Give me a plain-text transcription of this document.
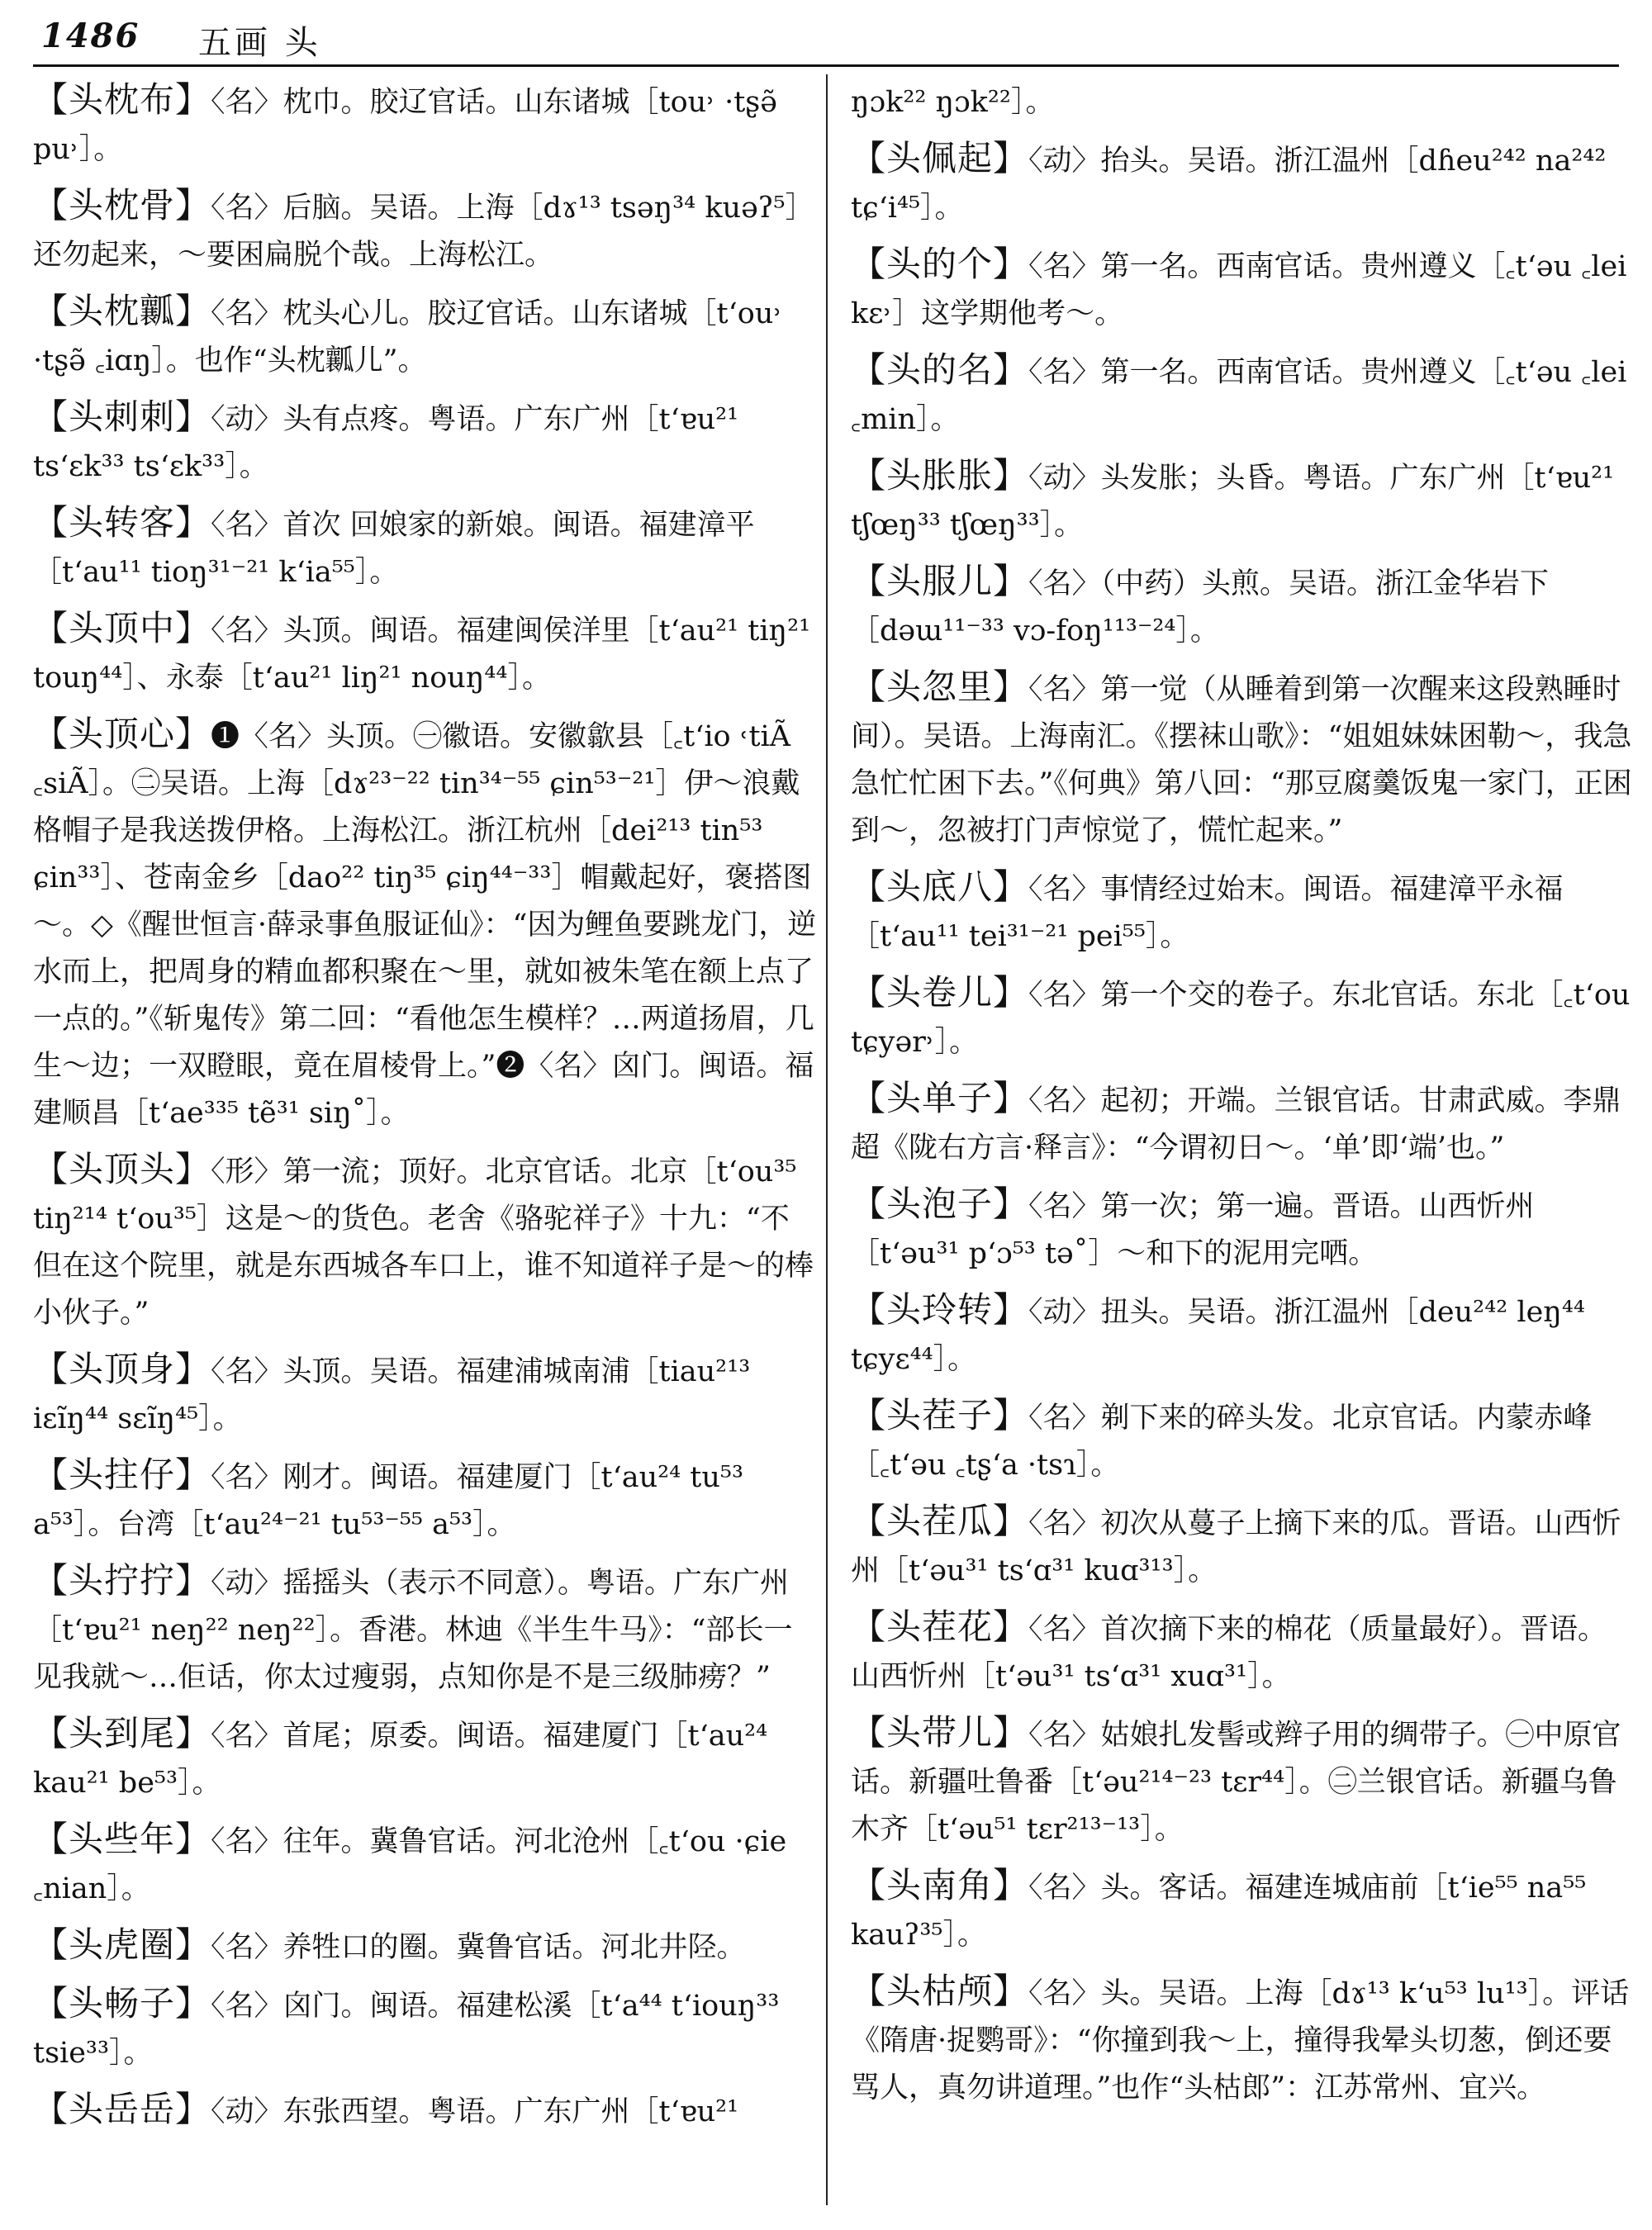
1486 五画 头
【头枕布】〈名〉枕巾。胶辽官话。山东诸城［tou˒ ·tʂə̃ pu˒］。
【头枕骨】〈名〉后脑。吴语。上海［dɤ¹³ tsəŋ³⁴ kuəʔ⁵］还勿起来，～要困扁脱个哉。上海松江。
【头枕瓤】〈名〉枕头心儿。胶辽官话。山东诸城［tʻou˒ ·tʂə̃ ꜀iɑŋ］。也作“头枕瓤儿”。
【头刺刺】〈动〉头有点疼。粤语。广东广州［tʻɐu²¹ tsʻɛk³³ tsʻɛk³³］。
【头转客】〈名〉首次 回娘家的新娘。闽语。福建漳平［tʻau¹¹ tioŋ³¹⁻²¹ kʻia⁵⁵］。
【头顶中】〈名〉头顶。闽语。福建闽侯洋里［tʻau²¹ tiŋ²¹ touŋ⁴⁴］、永泰［tʻau²¹ liŋ²¹ nouŋ⁴⁴］。
【头顶心】❶〈名〉头顶。㊀徽语。安徽歙县［꜀tʻio ˓tiÃ ꜀siÃ］。㊁吴语。上海［dɤ²³⁻²² tin³⁴⁻⁵⁵ ɕin⁵³⁻²¹］伊～浪戴格帽子是我送拨伊格。上海松江。浙江杭州［dei²¹³ tin⁵³ ɕin³³］、苍南金乡［dao²² tiŋ³⁵ ɕiŋ⁴⁴⁻³³］帽戴起好，褒搭图～。◇《醒世恒言·薛录事鱼服证仙》：“因为鲤鱼要跳龙门，逆水而上，把周身的精血都积聚在～里，就如被朱笔在额上点了一点的。”《斩鬼传》第二回：“看他怎生模样？…两道扬眉，几生～边；一双瞪眼，竟在眉棱骨上。”❷〈名〉囟门。闽语。福建顺昌［tʻae³³⁵ tẽ³¹ siŋ˚］。
【头顶头】〈形〉第一流；顶好。北京官话。北京［tʻou³⁵ tiŋ²¹⁴ tʻou³⁵］这是～的货色。老舍《骆驼祥子》十九：“不但在这个院里，就是东西城各车口上，谁不知道祥子是～的棒小伙子。”
【头顶身】〈名〉头顶。吴语。福建浦城南浦［tiau²¹³ iɛĩŋ⁴⁴ sɛĩŋ⁴⁵］。
【头拄仔】〈名〉刚才。闽语。福建厦门［tʻau²⁴ tu⁵³ a⁵³］。台湾［tʻau²⁴⁻²¹ tu⁵³⁻⁵⁵ a⁵³］。
【头拧拧】〈动〉摇摇头（表示不同意）。粤语。广东广州［tʻɐu²¹ neŋ²² neŋ²²］。香港。林迪《半生牛马》：“部长一见我就～…佢话，你太过瘦弱，点知你是不是三级肺痨？”
【头到尾】〈名〉首尾；原委。闽语。福建厦门［tʻau²⁴ kau²¹ be⁵³］。
【头些年】〈名〉往年。冀鲁官话。河北沧州［꜀tʻou ·ɕie ꜀nian］。
【头虎圈】〈名〉养牲口的圈。冀鲁官话。河北井陉。
【头畅子】〈名〉囟门。闽语。福建松溪［tʻa⁴⁴ tʻiouŋ³³ tsie³³］。
【头岳岳】〈动〉东张西望。粤语。广东广州［tʻɐu²¹
ŋɔk²² ŋɔk²²］。
【头佩起】〈动〉抬头。吴语。浙江温州［dɦeu²⁴² na²⁴² tɕʻi⁴⁵］。
【头的个】〈名〉第一名。西南官话。贵州遵义［꜀tʻəu ꜀lei kɛ˒］这学期他考～。
【头的名】〈名〉第一名。西南官话。贵州遵义［꜀tʻəu ꜀lei ꜀min］。
【头胀胀】〈动〉头发胀；头昏。粤语。广东广州［tʻɐu²¹ tʃœŋ³³ tʃœŋ³³］。
【头服儿】〈名〉（中药）头煎。吴语。浙江金华岩下［dəɯ¹¹⁻³³ vɔ-foŋ¹¹³⁻²⁴］。
【头忽里】〈名〉第一觉（从睡着到第一次醒来这段熟睡时间）。吴语。上海南汇。《摆袜山歌》：“姐姐妹妹困勒～，我急急忙忙困下去。”《何典》第八回：“那豆腐羹饭鬼一家门，正困到～，忽被打门声惊觉了，慌忙起来。”
【头底八】〈名〉事情经过始末。闽语。福建漳平永福［tʻau¹¹ tei³¹⁻²¹ pei⁵⁵］。
【头卷儿】〈名〉第一个交的卷子。东北官话。东北［꜀tʻou tɕyər˒］。
【头单子】〈名〉起初；开端。兰银官话。甘肃武威。李鼎超《陇右方言·释言》：“今谓初日～。‘单’即‘端’也。”
【头泡子】〈名〉第一次；第一遍。晋语。山西忻州［tʻəu³¹ pʻɔ⁵³ tə˚］～和下的泥用完哂。
【头玲转】〈动〉扭头。吴语。浙江温州［deu²⁴² leŋ⁴⁴ tɕyɛ⁴⁴］。
【头茬子】〈名〉剃下来的碎头发。北京官话。内蒙赤峰［꜀tʻəu ꜀tʂʻa ·tsɿ］。
【头茬瓜】〈名〉初次从蔓子上摘下来的瓜。晋语。山西忻州［tʻəu³¹ tsʻɑ³¹ kuɑ³¹³］。
【头茬花】〈名〉首次摘下来的棉花（质量最好）。晋语。山西忻州［tʻəu³¹ tsʻɑ³¹ xuɑ³¹］。
【头带儿】〈名〉姑娘扎发髻或辫子用的绸带子。㊀中原官话。新疆吐鲁番［tʻəu²¹⁴⁻²³ tɛr⁴⁴］。㊁兰银官话。新疆乌鲁木齐［tʻəu⁵¹ tɛr²¹³⁻¹³］。
【头南角】〈名〉头。客话。福建连城庙前［tʻie⁵⁵ na⁵⁵ kauʔ³⁵］。
【头枯颅】〈名〉头。吴语。上海［dɤ¹³ kʻu⁵³ lu¹³］。评话《隋唐·捉鹦哥》：“你撞到我～上，撞得我晕头切葱，倒还要骂人，真勿讲道理。”也作“头枯郎”：江苏常州、宜兴。
